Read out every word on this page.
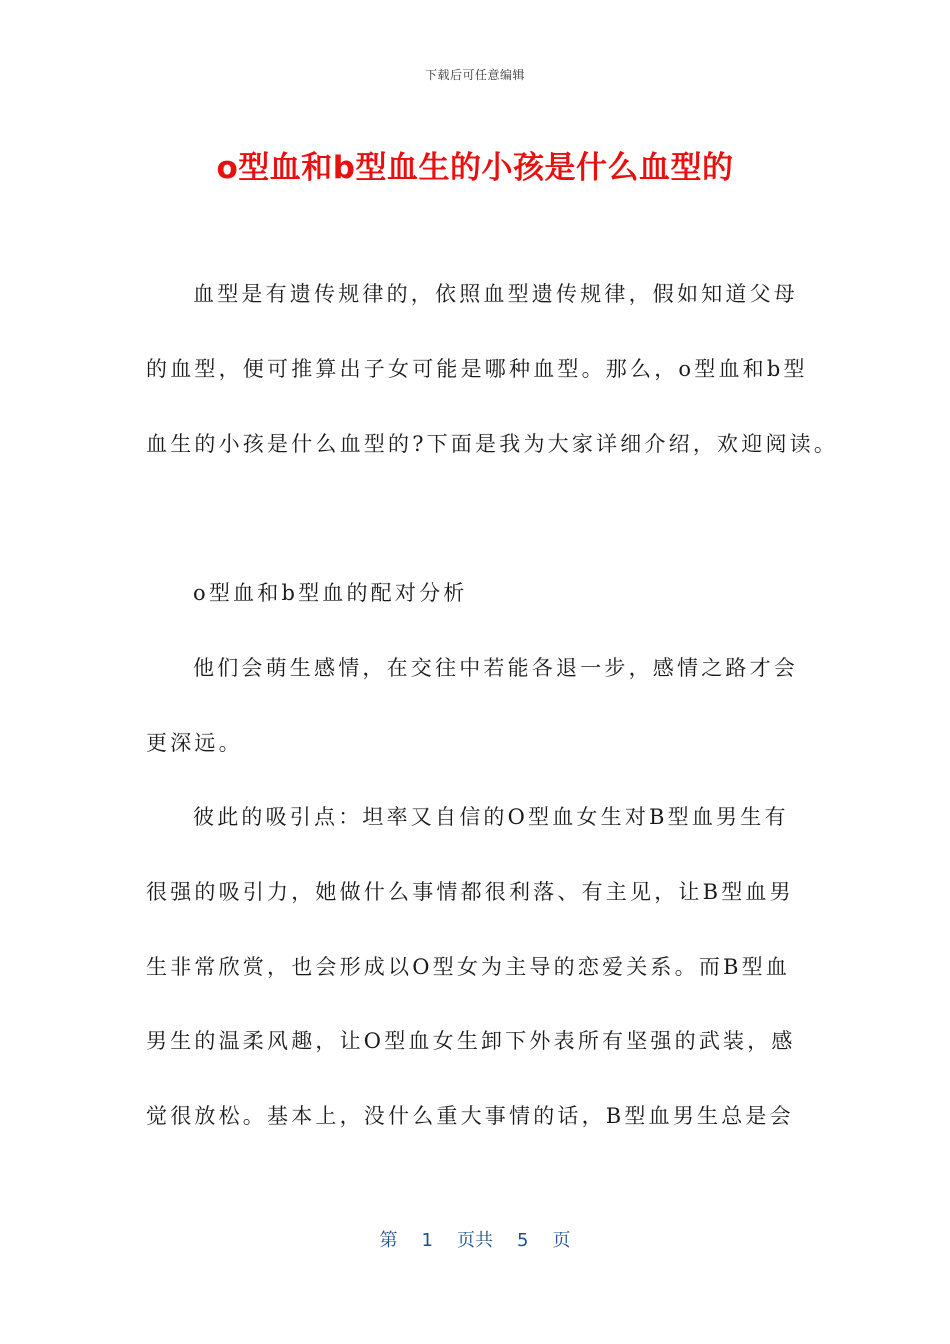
下载后可任意编辑
o型血和b型血生的小孩是什么血型的
血型是有遗传规律的，依照血型遗传规律，假如知道父母
的血型，便可推算出子女可能是哪种血型。那么，o型血和b型
血生的小孩是什么血型的?下面是我为大家详细介绍，欢迎阅读。
o型血和b型血的配对分析
他们会萌生感情，在交往中若能各退一步，感情之路才会
更深远。
彼此的吸引点：坦率又自信的O型血女生对B型血男生有
很强的吸引力，她做什么事情都很利落、有主见，让B型血男
生非常欣赏，也会形成以O型女为主导的恋爱关系。而B型血
男生的温柔风趣，让O型血女生卸下外表所有坚强的武装，感
觉很放松。基本上，没什么重大事情的话，B型血男生总是会
第 1 页共 5 页
